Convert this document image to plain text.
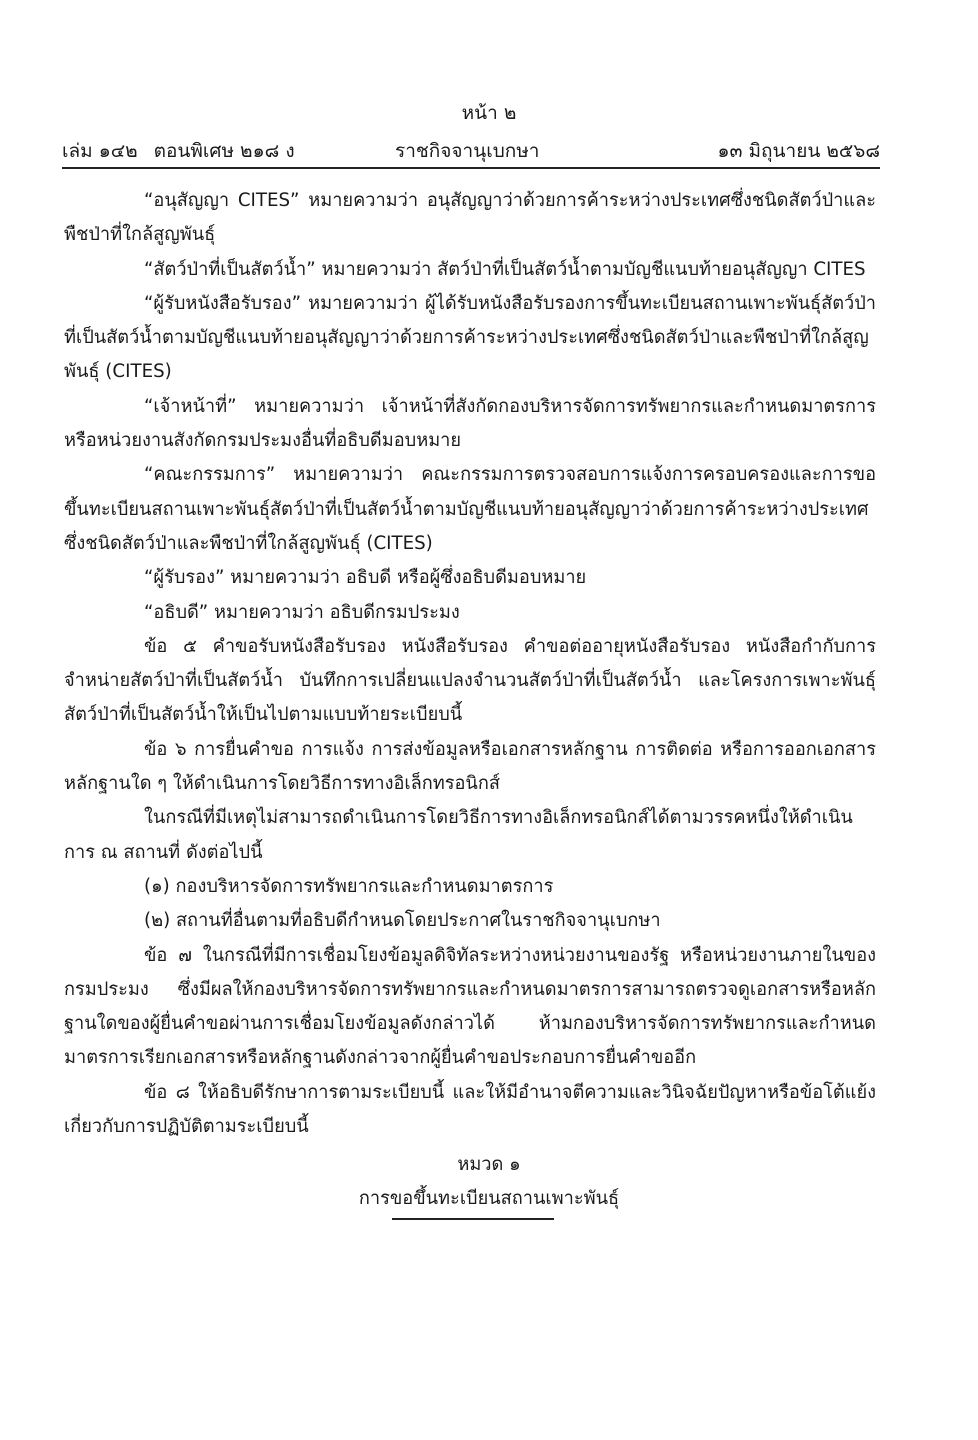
หน้า ๒
เล่ม ๑๔๒ ตอนพิเศษ ๒๑๘ ง	ราชกิจจานุเบกษา	๑๓ มิถุนายน ๒๕๖๘

“อนุสัญญา CITES” หมายความว่า อนุสัญญาว่าด้วยการค้าระหว่างประเทศซึ่งชนิดสัตว์ป่าและพืชป่าที่ใกล้สูญพันธุ์

“สัตว์ป่าที่เป็นสัตว์น้ำ” หมายความว่า สัตว์ป่าที่เป็นสัตว์น้ำตามบัญชีแนบท้ายอนุสัญญา CITES

“ผู้รับหนังสือรับรอง” หมายความว่า ผู้ได้รับหนังสือรับรองการขึ้นทะเบียนสถานเพาะพันธุ์สัตว์ป่าที่เป็นสัตว์น้ำตามบัญชีแนบท้ายอนุสัญญาว่าด้วยการค้าระหว่างประเทศซึ่งชนิดสัตว์ป่าและพืชป่าที่ใกล้สูญพันธุ์ (CITES)

“เจ้าหน้าที่” หมายความว่า เจ้าหน้าที่สังกัดกองบริหารจัดการทรัพยากรและกำหนดมาตรการหรือหน่วยงานสังกัดกรมประมงอื่นที่อธิบดีมอบหมาย

“คณะกรรมการ” หมายความว่า คณะกรรมการตรวจสอบการแจ้งการครอบครองและการขอขึ้นทะเบียนสถานเพาะพันธุ์สัตว์ป่าที่เป็นสัตว์น้ำตามบัญชีแนบท้ายอนุสัญญาว่าด้วยการค้าระหว่างประเทศซึ่งชนิดสัตว์ป่าและพืชป่าที่ใกล้สูญพันธุ์ (CITES)

“ผู้รับรอง” หมายความว่า อธิบดี หรือผู้ซึ่งอธิบดีมอบหมาย

“อธิบดี” หมายความว่า อธิบดีกรมประมง

ข้อ ๕ คำขอรับหนังสือรับรอง หนังสือรับรอง คำขอต่ออายุหนังสือรับรอง หนังสือกำกับการจำหน่ายสัตว์ป่าที่เป็นสัตว์น้ำ บันทึกการเปลี่ยนแปลงจำนวนสัตว์ป่าที่เป็นสัตว์น้ำ และโครงการเพาะพันธุ์สัตว์ป่าที่เป็นสัตว์น้ำให้เป็นไปตามแบบท้ายระเบียบนี้

ข้อ ๖ การยื่นคำขอ การแจ้ง การส่งข้อมูลหรือเอกสารหลักฐาน การติดต่อ หรือการออกเอกสารหลักฐานใด ๆ ให้ดำเนินการโดยวิธีการทางอิเล็กทรอนิกส์

ในกรณีที่มีเหตุไม่สามารถดำเนินการโดยวิธีการทางอิเล็กทรอนิกส์ได้ตามวรรคหนึ่งให้ดำเนินการ ณ สถานที่ ดังต่อไปนี้

(๑) กองบริหารจัดการทรัพยากรและกำหนดมาตรการ

(๒) สถานที่อื่นตามที่อธิบดีกำหนดโดยประกาศในราชกิจจานุเบกษา

ข้อ ๗ ในกรณีที่มีการเชื่อมโยงข้อมูลดิจิทัลระหว่างหน่วยงานของรัฐ หรือหน่วยงานภายในของกรมประมง ซึ่งมีผลให้กองบริหารจัดการทรัพยากรและกำหนดมาตรการสามารถตรวจดูเอกสารหรือหลักฐานใดของผู้ยื่นคำขอผ่านการเชื่อมโยงข้อมูลดังกล่าวได้ ห้ามกองบริหารจัดการทรัพยากรและกำหนดมาตรการเรียกเอกสารหรือหลักฐานดังกล่าวจากผู้ยื่นคำขอประกอบการยื่นคำขออีก

ข้อ ๘ ให้อธิบดีรักษาการตามระเบียบนี้ และให้มีอำนาจตีความและวินิจฉัยปัญหาหรือข้อโต้แย้งเกี่ยวกับการปฏิบัติตามระเบียบนี้

หมวด ๑
การขอขึ้นทะเบียนสถานเพาะพันธุ์
